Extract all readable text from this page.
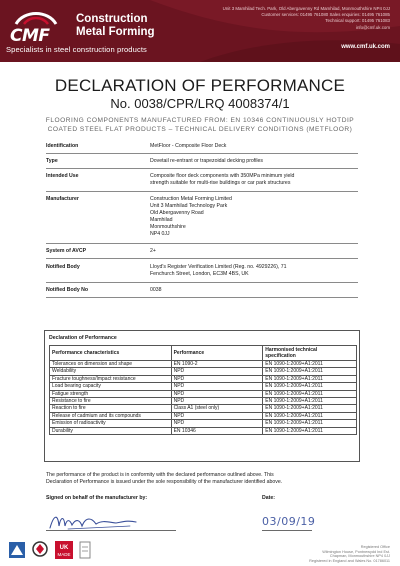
CMF
Construction
Metal Forming
Specialists in steel construction products
Unit 3 Mamhilad Tech. Park, Old Abergavenny Rd Mamhilad, Monmouthshire NP4 0JJ
Customer services: 01495 761080 Sales enquiries: 01495 761085
Technical support: 01495 761083
info@cmf.uk.com
www.cmf.uk.com
DECLARATION OF PERFORMANCE
No. 0038/CPR/LRQ 4008374/1
FLOORING COMPONENTS MANUFACTURED FROM: EN 10346 CONTINUOUSLY HOTDIP
COATED STEEL FLAT PRODUCTS – TECHNICAL DELIVERY CONDITIONS (METFLOOR)
Identification	MetFloor - Composite Floor Deck
Type	Dovetail re-entrant or trapezoidal decking profiles
Intended Use	Composite floor deck components with 350MPa minimum yield
strength suitable for multi-rise buildings or car park structures
Manufacturer	Construction Metal Forming Limited
Unit 3 Mamhilad Technology Park
Old Abergavenny Road
Mamhilad
Monmouthshire
NP4 0JJ
System of AVCP	2+
Notified Body	Lloyd's Register Verification Limited (Reg. no. 4929226), 71
Fenchurch Street, London, EC3M 4BS, UK
Notified Body No	0038
Declaration of Performance
Performance characteristics	Performance	Harmonised technical
specification

Tolerances on dimension and shape	EN 1090-2	EN 1090-1:2009+A1:2011
Weldability	NPD	EN 1090-1:2009+A1:2011
Fracture toughness/Impact resistance	NPD	EN 1090-1:2009+A1:2011
Load bearing capacity	NPD	EN 1090-1:2009+A1:2011
Fatigue strength	NPD	EN 1090-1:2009+A1:2011
Resistance to fire	NPD	EN 1090-1:2009+A1:2011
Reaction to fire	Class A1 (steel only)	EN 1090-1:2009+A1:2011
Release of cadmium and its compounds	NPD	EN 1090-1:2009+A1:2011
Emission of radioactivity	NPD	EN 1090-1:2009+A1:2011
Durability	EN 10346	EN 1090-1:2009+A1:2011
The performance of the product is in conformity with the declared performance outlined above. This
Declaration of Performance is issued under the sole responsibility of the manufacturer identified above.
Signed on behalf of the manufacturer by:	Date:
03/09/19
UK
MADE
Registered Office
Wilmington House, Pontnewydd Ind Est.
Chapman, Monmouthshire NP4 0JJ
Registered in England and Wales No. 01786011
